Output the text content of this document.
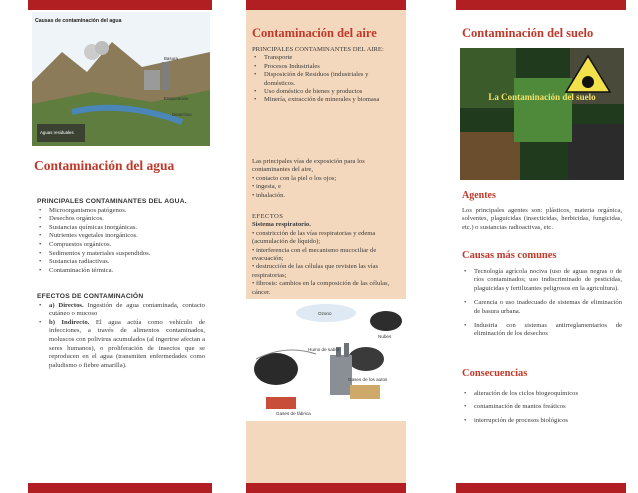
Causas de contaminación del agua
Basura
Evaporación
Desechos
Aguas residuales
Contaminación del agua
PRINCIPALES CONTAMINANTES DEL AGUA.
• Microorganismos patógenos.
• Desechos orgánicos.
• Sustancias químicas inorgánicas.
• Nutrientes vegetales inorgánicos.
• Compuestos orgánicos.
• Sedimentos y materiales suspendidos.
• Sustancias radiactivas.
• Contaminación térmica.
EFECTOS DE CONTAMINACIÓN
• a) Directos. Ingestión de agua contaminada, contacto cutáneo o mucoso
• b) Indirecto. El agua actúa como vehículo de infecciones, a través de alimentos contaminados, moluscos con polivirus acumulados (al ingerirse afectan a seres humanos), o proliferación de insectos que se reproducen en el agua (transmiten enfermedades como paludismo o fiebre amarilla).
Contaminación del aire
PRINCIPALES CONTAMINANTES DEL AIRE:
• Transporte
• Procesos Industriales
• Disposición de Residuos (industriales y domésticos.
• Uso doméstico de bienes y productos
• Minería, extracción de minerales y biomasa
Las principales vías de exposición para los contaminantes del aire,
• contacto con la piel o los ojos;
• ingesta, e
• inhalación.
EFECTOS
Sistema respiratorio.
• constricción de las vías respiratorias y edema (acumulación de líquido);
• interferencia con el mecanismo mucociliar de evacuación;
• destrucción de las células que revisten las vías respiratorias;
• fibrosis: cambios en la composición de las células, cáncer.
Ozono
Nubes
Humo de sabor
Gases de los autos
Gases de fábrica
Contaminación del suelo
La Contaminación del suelo
Agentes
Los principales agentes son: plásticos, materia orgánica, solventes, plaguicidas (insecticidas, herbicidas, fungicidas, etc.) o sustancias radioactivas, etc.
Causas más comunes
• Tecnología agrícola nociva (uso de aguas negras o de ríos contaminados; uso indiscriminado de pesticidas, plaguicidas y fertilizantes peligrosos en la agricultura).
• Carencia o uso inadecuado de sistemas de eliminación de basura urbana.
• Industria con sistemas antirreglamentarios de eliminación de los desechos
Consecuencias
• alteración de los ciclos biogeoquímicos
• contaminación de mantos freáticos
• interrupción de procesos biológicos
